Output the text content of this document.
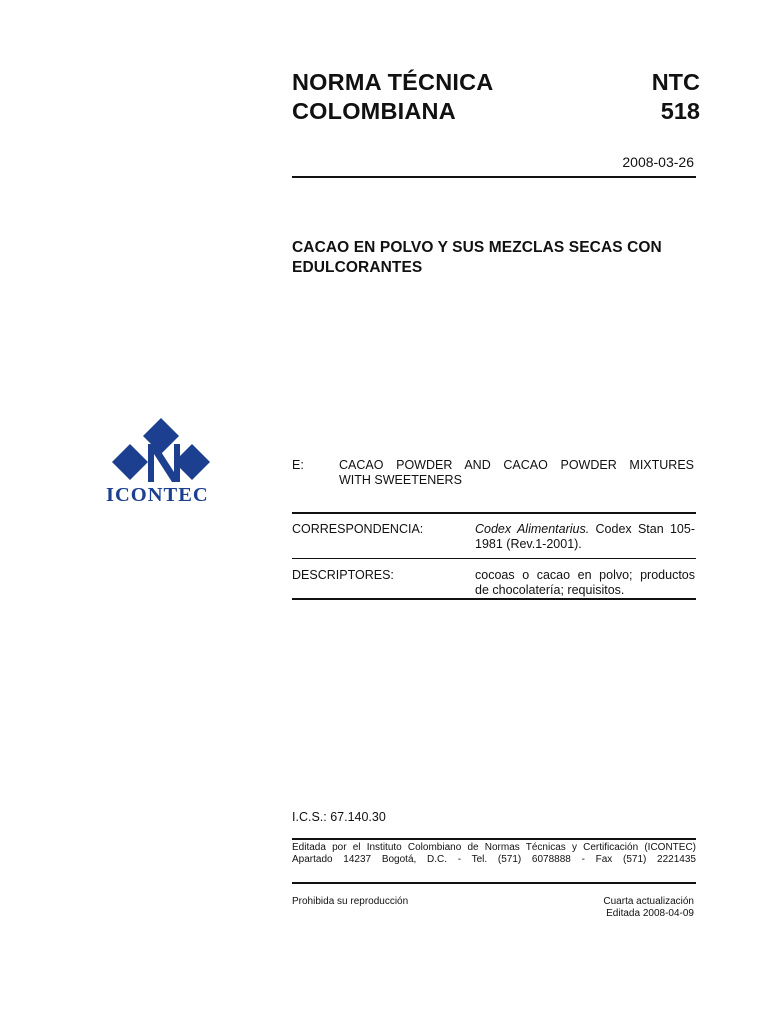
NORMA TÉCNICA
COLOMBIANA
NTC
518
2008-03-26
CACAO EN POLVO Y SUS MEZCLAS SECAS CON EDULCORANTES
ICONTEC
E:	CACAO POWDER AND CACAO POWDER MIXTURES
WITH SWEETENERS
CORRESPONDENCIA:	Codex Alimentarius. Codex Stan 105-
1981 (Rev.1-2001).
DESCRIPTORES:	cocoas o cacao en polvo; productos
de chocolatería; requisitos.
I.C.S.: 67.140.30
Editada por el Instituto Colombiano de Normas Técnicas y Certificación (ICONTEC)
Apartado 14237 Bogotá, D.C. - Tel. (571) 6078888 - Fax (571) 2221435
Prohibida su reproducción	Cuarta actualización
Editada 2008-04-09
